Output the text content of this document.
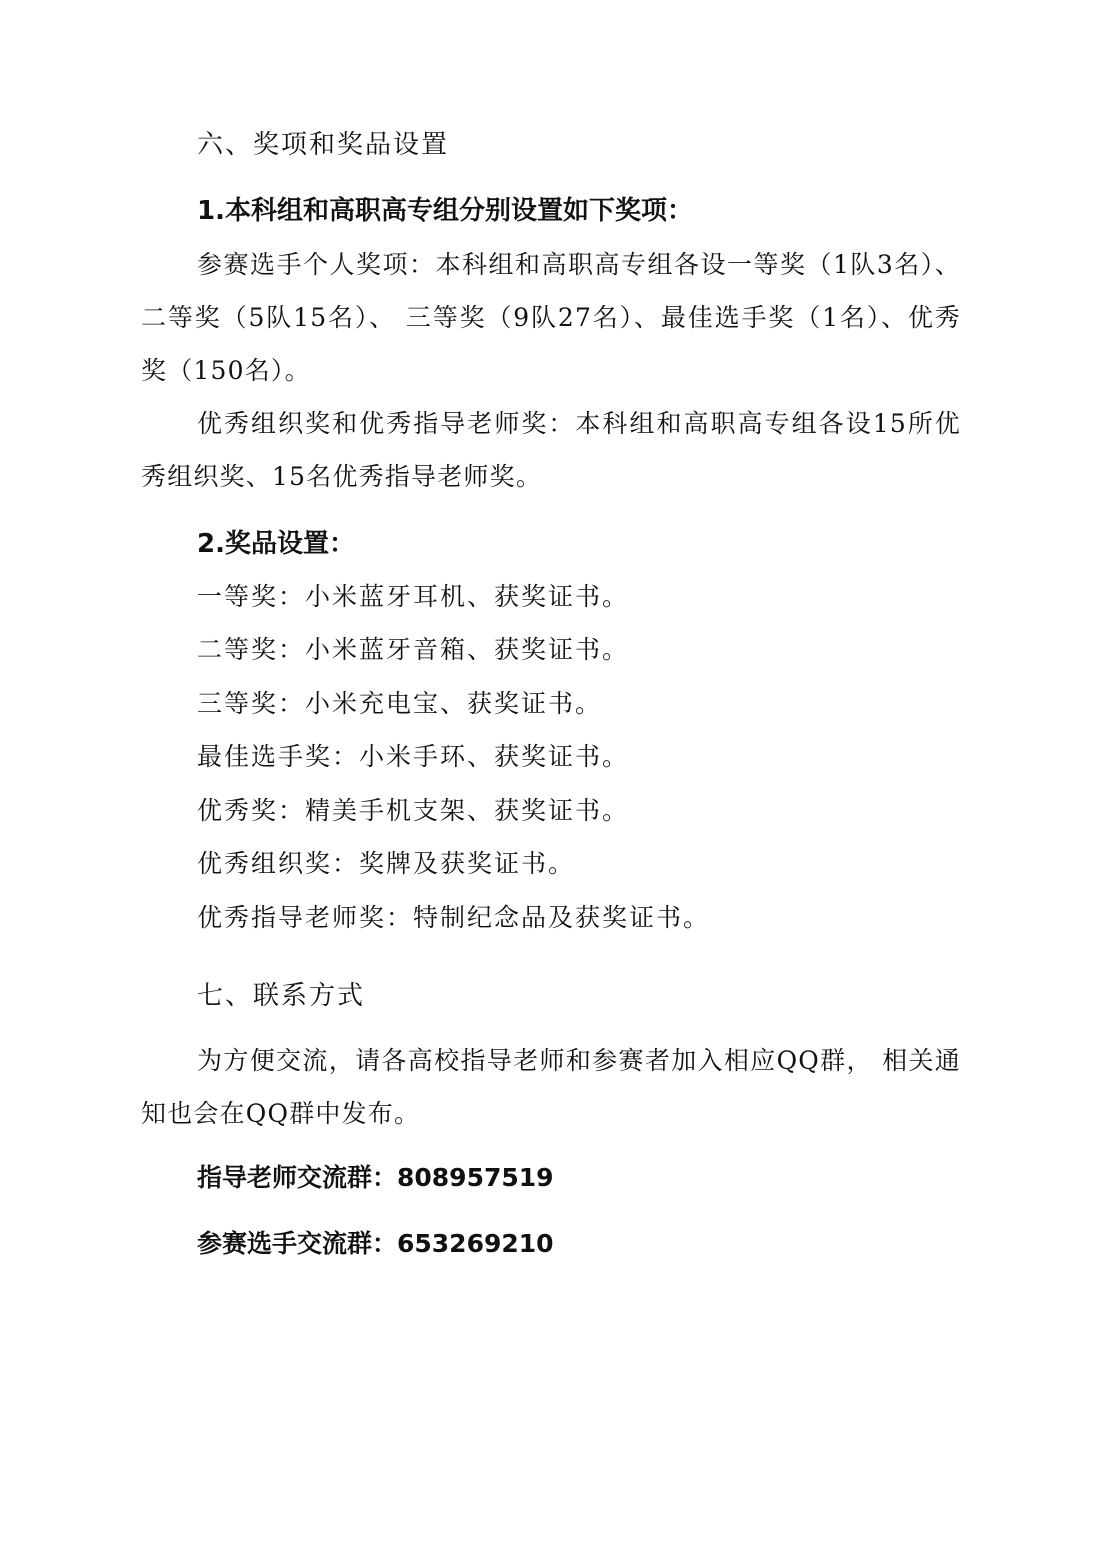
六、奖项和奖品设置
1.本科组和高职高专组分别设置如下奖项：
参赛选手个人奖项：本科组和高职高专组各设一等奖（1队3名）、二等奖（5队15名）、 三等奖（9队27名）、最佳选手奖（1名）、优秀奖（150名）。
优秀组织奖和优秀指导老师奖：本科组和高职高专组各设15所优秀组织奖、15名优秀指导老师奖。
2.奖品设置：
一等奖：小米蓝牙耳机、获奖证书。
二等奖：小米蓝牙音箱、获奖证书。
三等奖：小米充电宝、获奖证书。
最佳选手奖：小米手环、获奖证书。
优秀奖：精美手机支架、获奖证书。
优秀组织奖：奖牌及获奖证书。
优秀指导老师奖：特制纪念品及获奖证书。
七、联系方式
为方便交流，请各高校指导老师和参赛者加入相应QQ群， 相关通知也会在QQ群中发布。
指导老师交流群：808957519
参赛选手交流群：653269210
